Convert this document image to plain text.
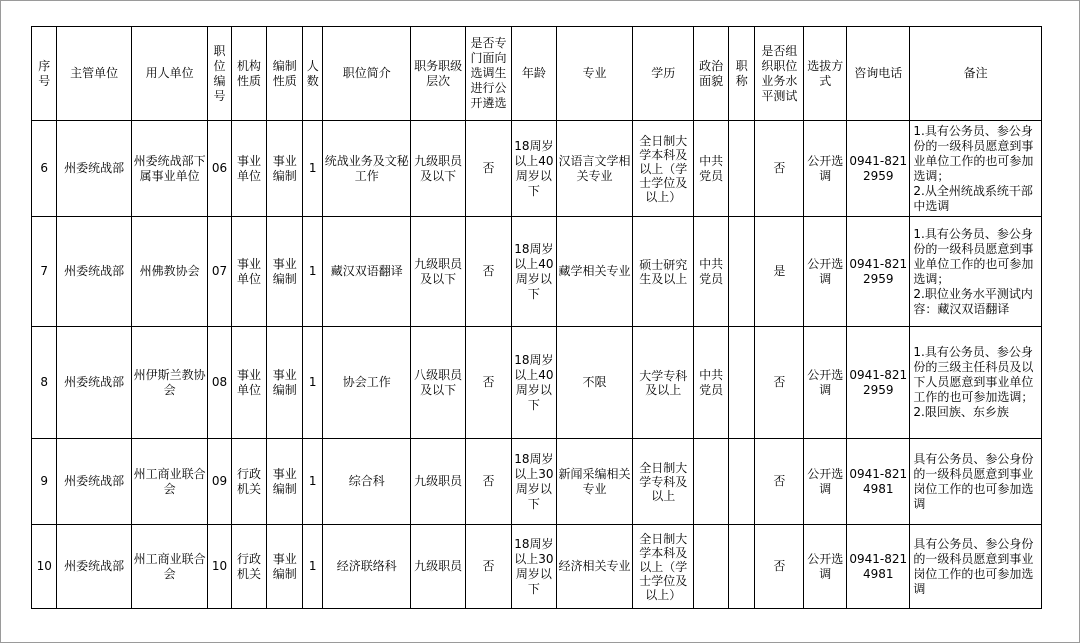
序号	主管单位	用人单位	职位编号	机构性质	编制性质	人数	职位简介	职务职级层次	是否专门面向选调生进行公开遴选	年龄	专业	学历	政治面貌	职称	是否组织职位业务水平测试	选拔方式	咨询电话	备注
6	州委统战部	州委统战部下属事业单位	06	事业单位	事业编制	1	统战业务及文秘工作	九级职员及以下	否	18周岁以上40周岁以下	汉语言文学相关专业	全日制大学本科及以上（学士学位及以上）	中共党员		否	公开选调	0941-8212959	1.具有公务员、参公身份的一级科员愿意到事业单位工作的也可参加选调；
2.从全州统战系统干部中选调
7	州委统战部	州佛教协会	07	事业单位	事业编制	1	藏汉双语翻译	九级职员及以下	否	18周岁以上40周岁以下	藏学相关专业	硕士研究生及以上	中共党员		是	公开选调	0941-8212959	1.具有公务员、参公身份的一级科员愿意到事业单位工作的也可参加选调；
2.职位业务水平测试内容：藏汉双语翻译
8	州委统战部	州伊斯兰教协会	08	事业单位	事业编制	1	协会工作	八级职员及以下	否	18周岁以上40周岁以下	不限	大学专科及以上	中共党员		否	公开选调	0941-8212959	1.具有公务员、参公身份的三级主任科员及以下人员愿意到事业单位工作的也可参加选调；
2.限回族、东乡族
9	州委统战部	州工商业联合会	09	行政机关	事业编制	1	综合科	九级职员	否	18周岁以上30周岁以下	新闻采编相关专业	全日制大学专科及以上			否	公开选调	0941-8214981	具有公务员、参公身份的一级科员愿意到事业岗位工作的也可参加选调
10	州委统战部	州工商业联合会	10	行政机关	事业编制	1	经济联络科	九级职员	否	18周岁以上30周岁以下	经济相关专业	全日制大学本科及以上（学士学位及以上）			否	公开选调	0941-8214981	具有公务员、参公身份的一级科员愿意到事业岗位工作的也可参加选调
